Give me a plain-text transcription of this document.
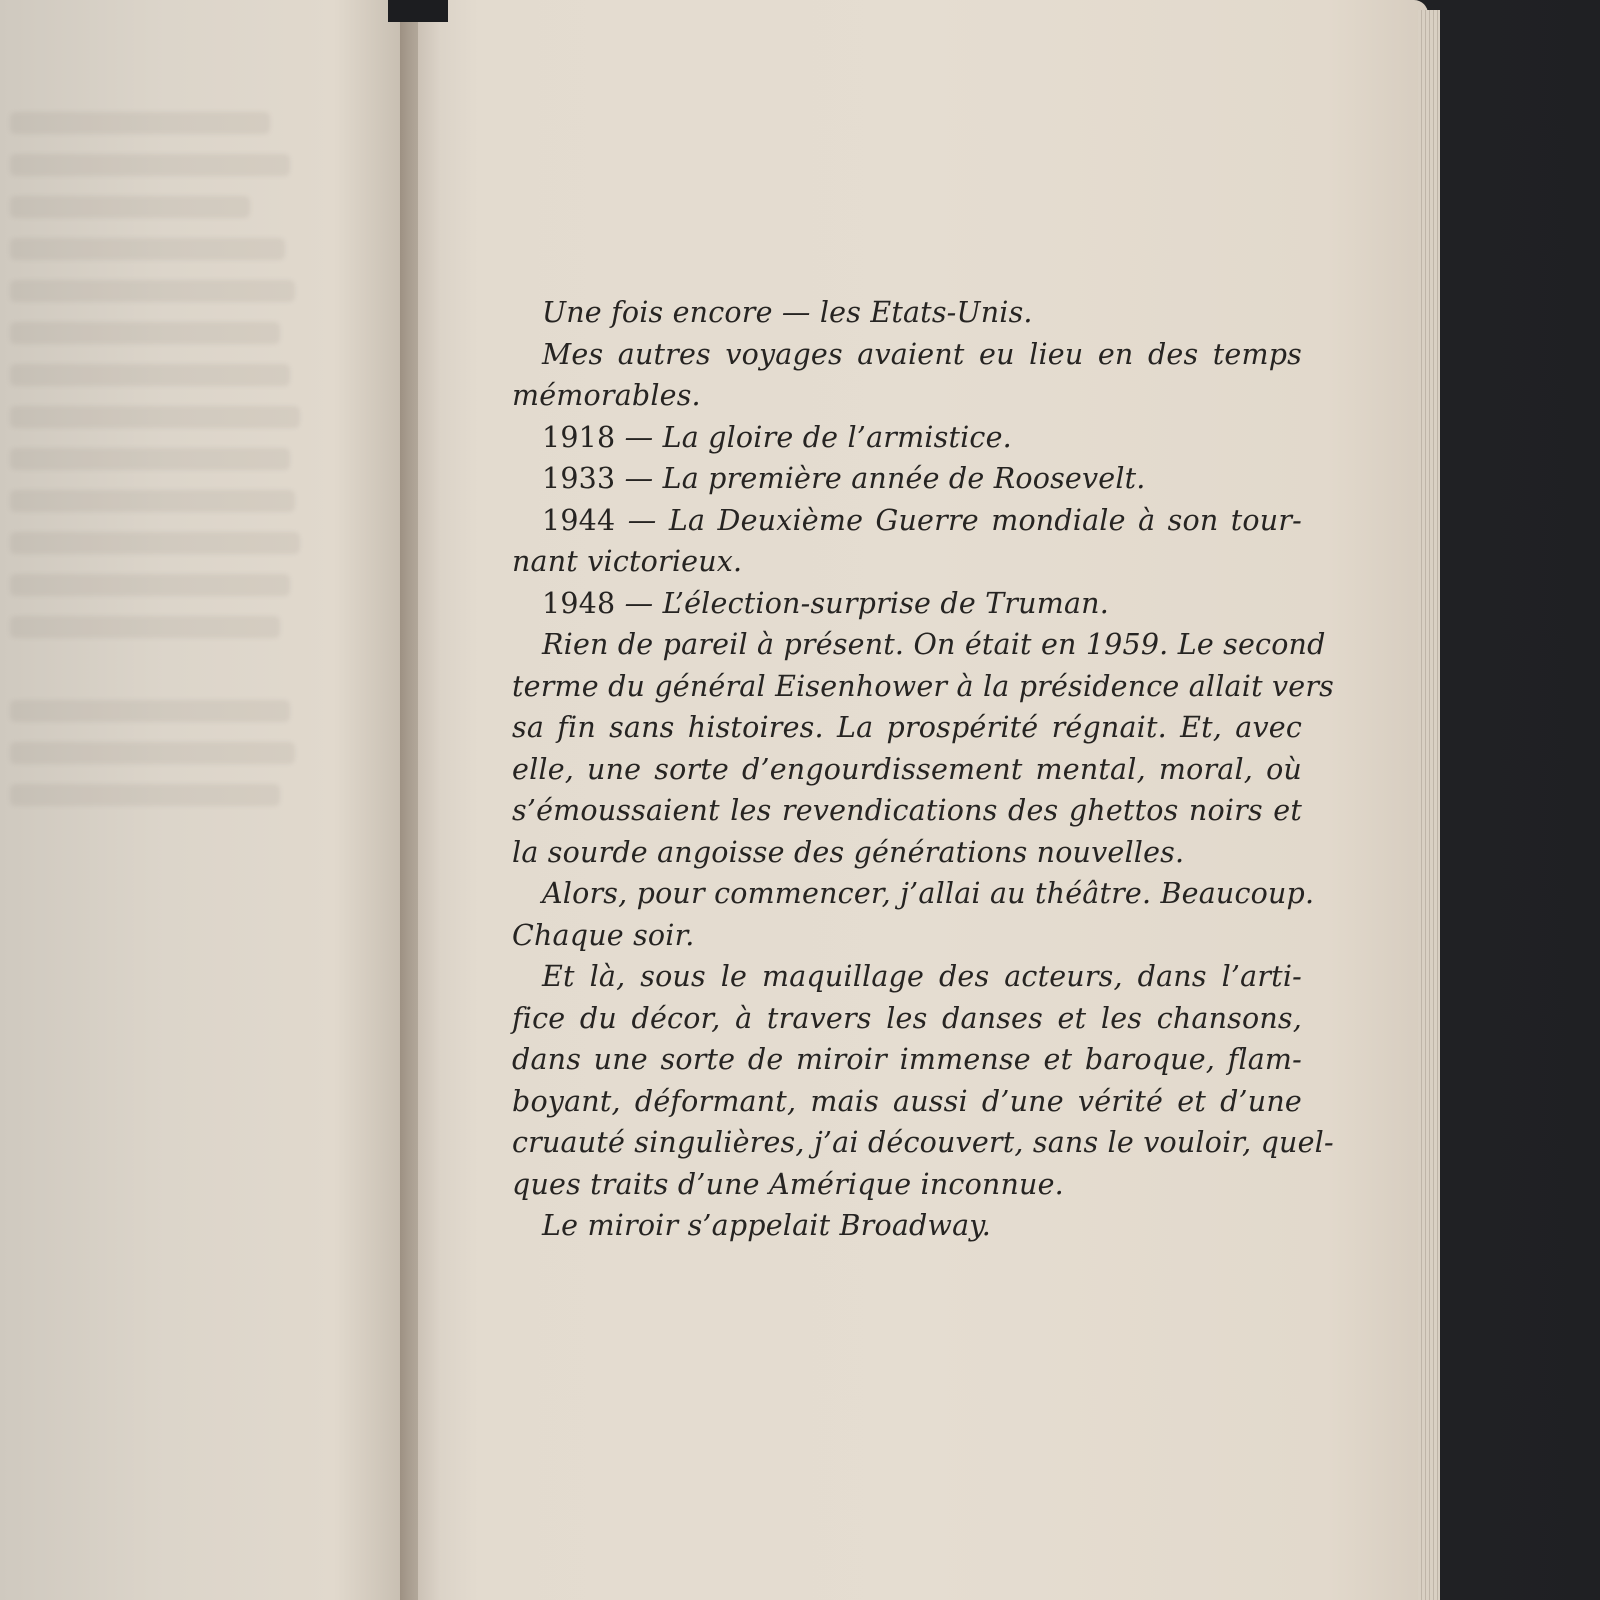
Une fois encore — les Etats-Unis.
Mes autres voyages avaient eu lieu en des temps
mémorables.
1918 — La gloire de l’armistice.
1933 — La première année de Roosevelt.
1944 — La Deuxième Guerre mondiale à son tour-
nant victorieux.
1948 — L’élection-surprise de Truman.
Rien de pareil à présent. On était en 1959. Le second
terme du général Eisenhower à la présidence allait vers
sa fin sans histoires. La prospérité régnait. Et, avec
elle, une sorte d’engourdissement mental, moral, où
s’émoussaient les revendications des ghettos noirs et
la sourde angoisse des générations nouvelles.
Alors, pour commencer, j’allai au théâtre. Beaucoup.
Chaque soir.
Et là, sous le maquillage des acteurs, dans l’arti-
fice du décor, à travers les danses et les chansons,
dans une sorte de miroir immense et baroque, flam-
boyant, déformant, mais aussi d’une vérité et d’une
cruauté singulières, j’ai découvert, sans le vouloir, quel-
ques traits d’une Amérique inconnue.
Le miroir s’appelait Broadway.
